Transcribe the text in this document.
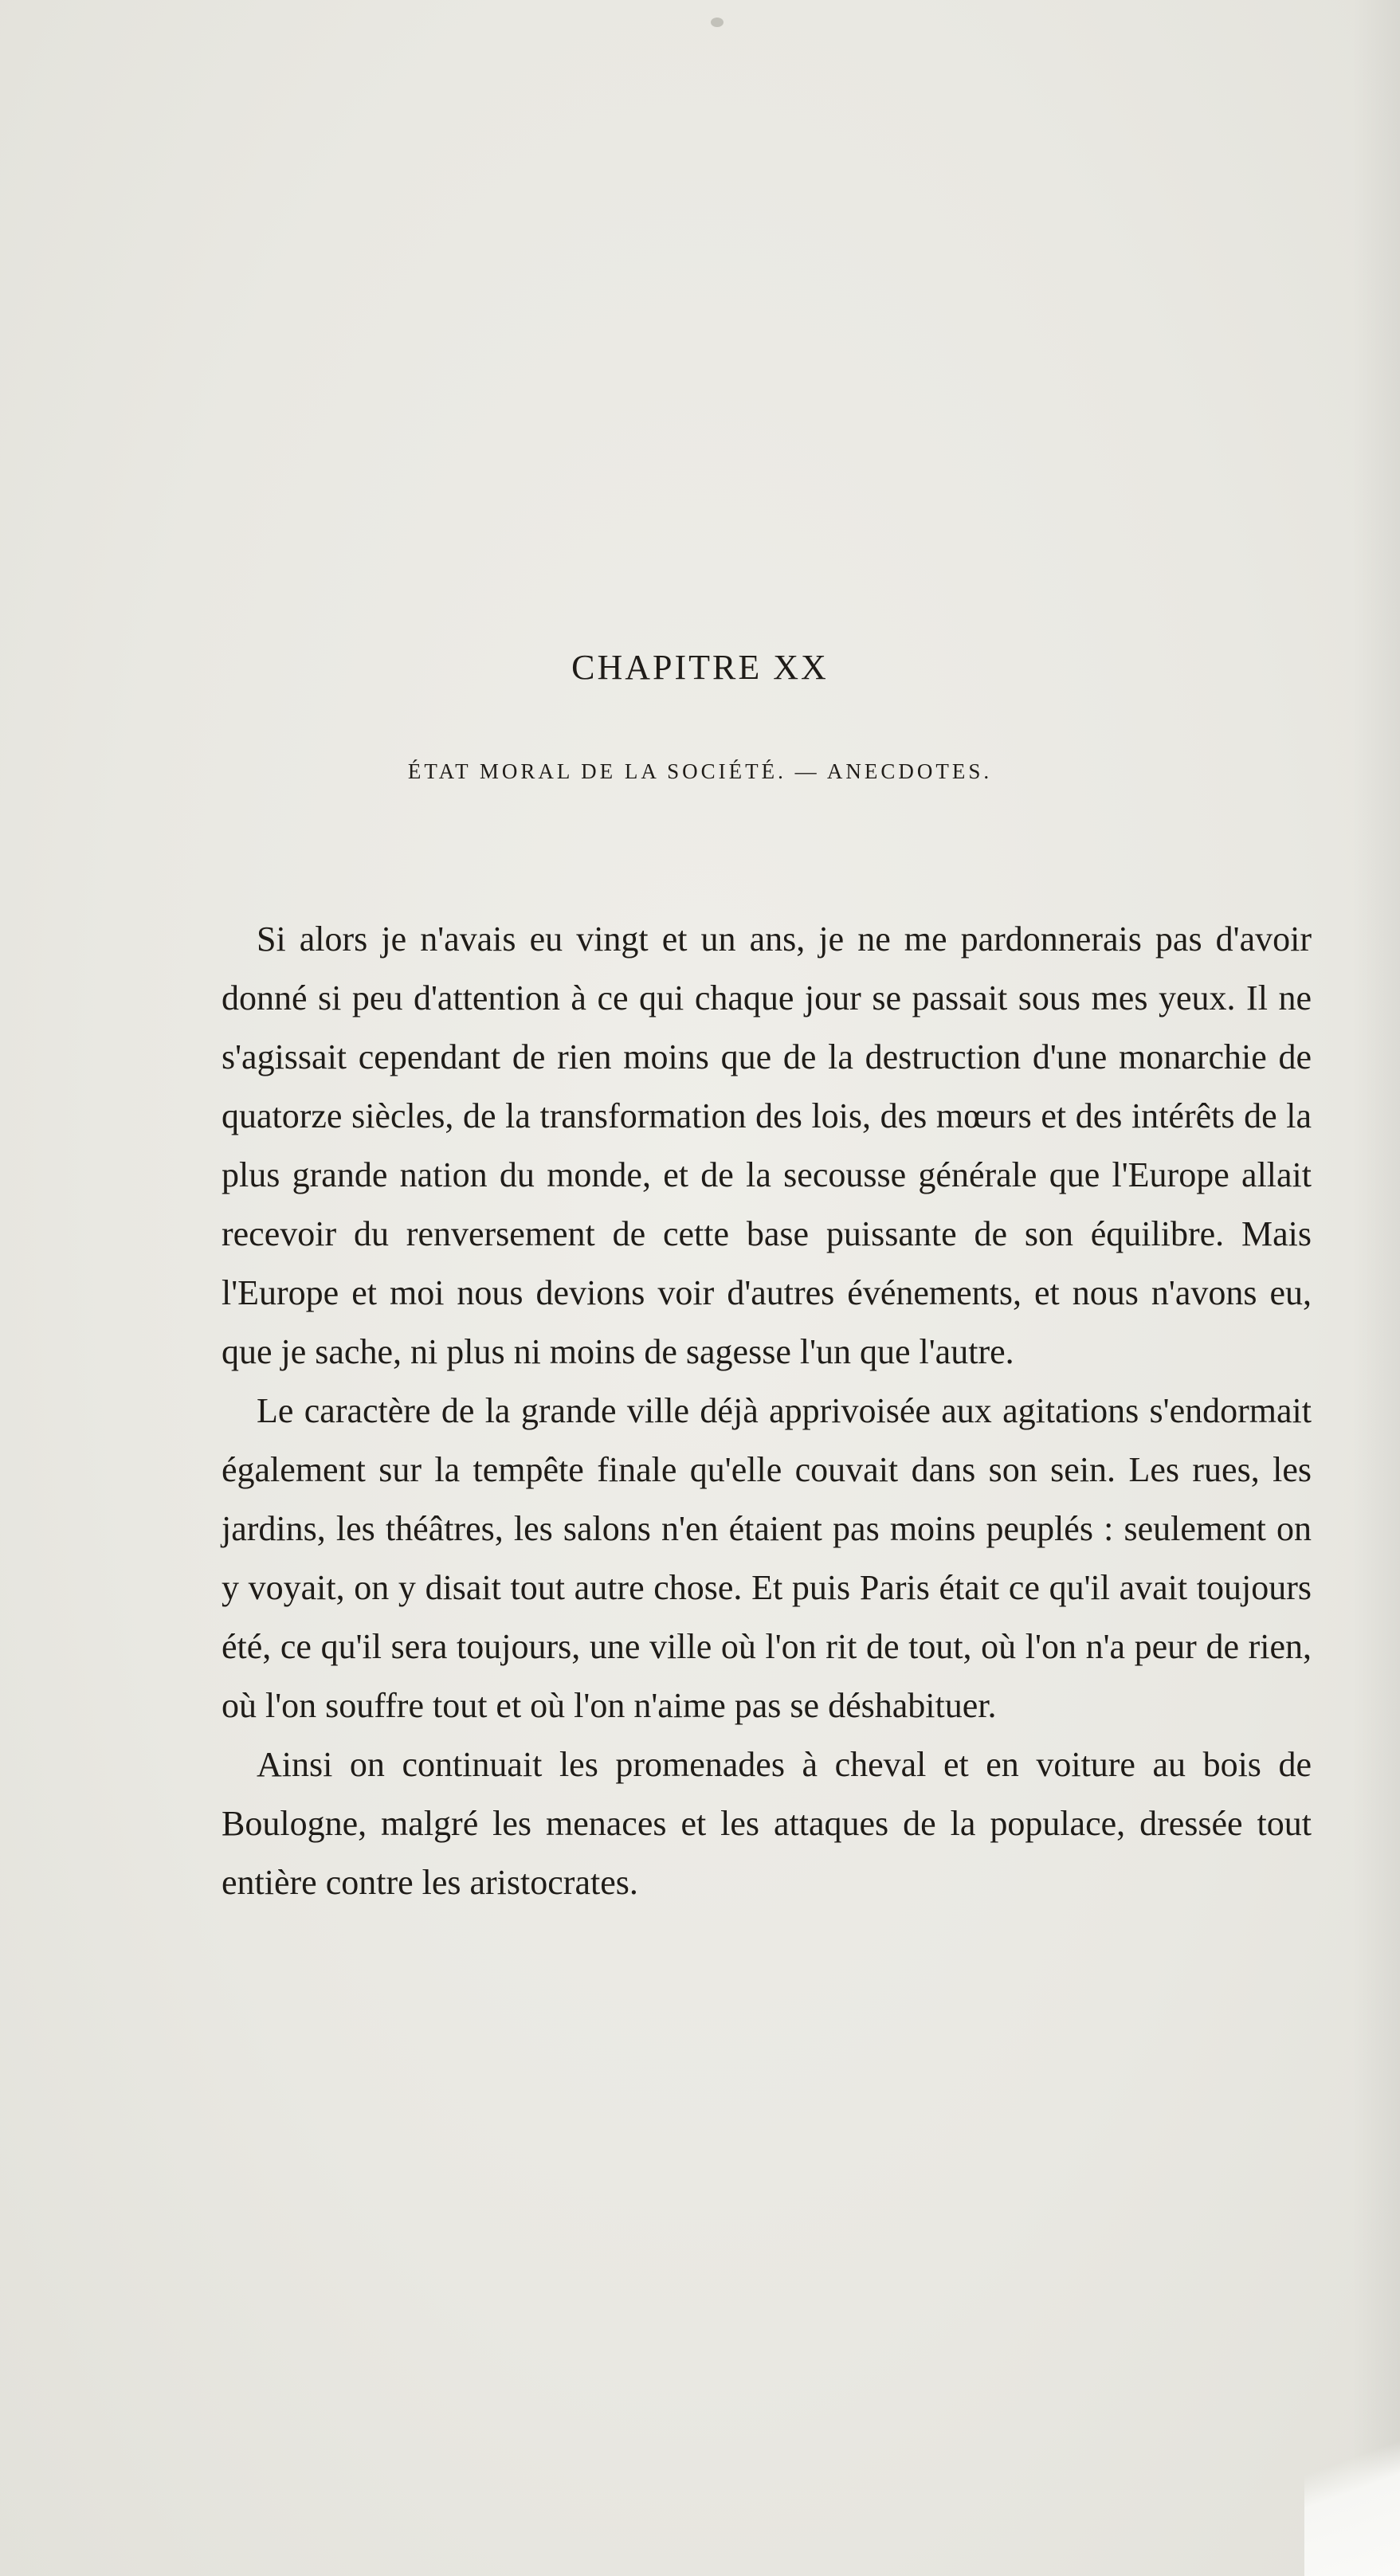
CHAPITRE XX
ÉTAT MORAL DE LA SOCIÉTÉ. — ANECDOTES.

Si alors je n'avais eu vingt et un ans, je ne me pardonnerais pas d'avoir donné si peu d'attention à ce qui chaque jour se passait sous mes yeux. Il ne s'agissait cependant de rien moins que de la destruction d'une monarchie de quatorze siècles, de la transformation des lois, des mœurs et des intérêts de la plus grande nation du monde, et de la secousse générale que l'Europe allait recevoir du renversement de cette base puissante de son équilibre. Mais l'Europe et moi nous devions voir d'autres événements, et nous n'avons eu, que je sache, ni plus ni moins de sagesse l'un que l'autre.

Le caractère de la grande ville déjà apprivoisée aux agitations s'endormait également sur la tempête finale qu'elle couvait dans son sein. Les rues, les jardins, les théâtres, les salons n'en étaient pas moins peuplés : seulement on y voyait, on y disait tout autre chose. Et puis Paris était ce qu'il avait toujours été, ce qu'il sera toujours, une ville où l'on rit de tout, où l'on n'a peur de rien, où l'on souffre tout et où l'on n'aime pas se déshabituer.

Ainsi on continuait les promenades à cheval et en voiture au bois de Boulogne, malgré les menaces et les attaques de la populace, dressée tout entière contre les aristocrates.
